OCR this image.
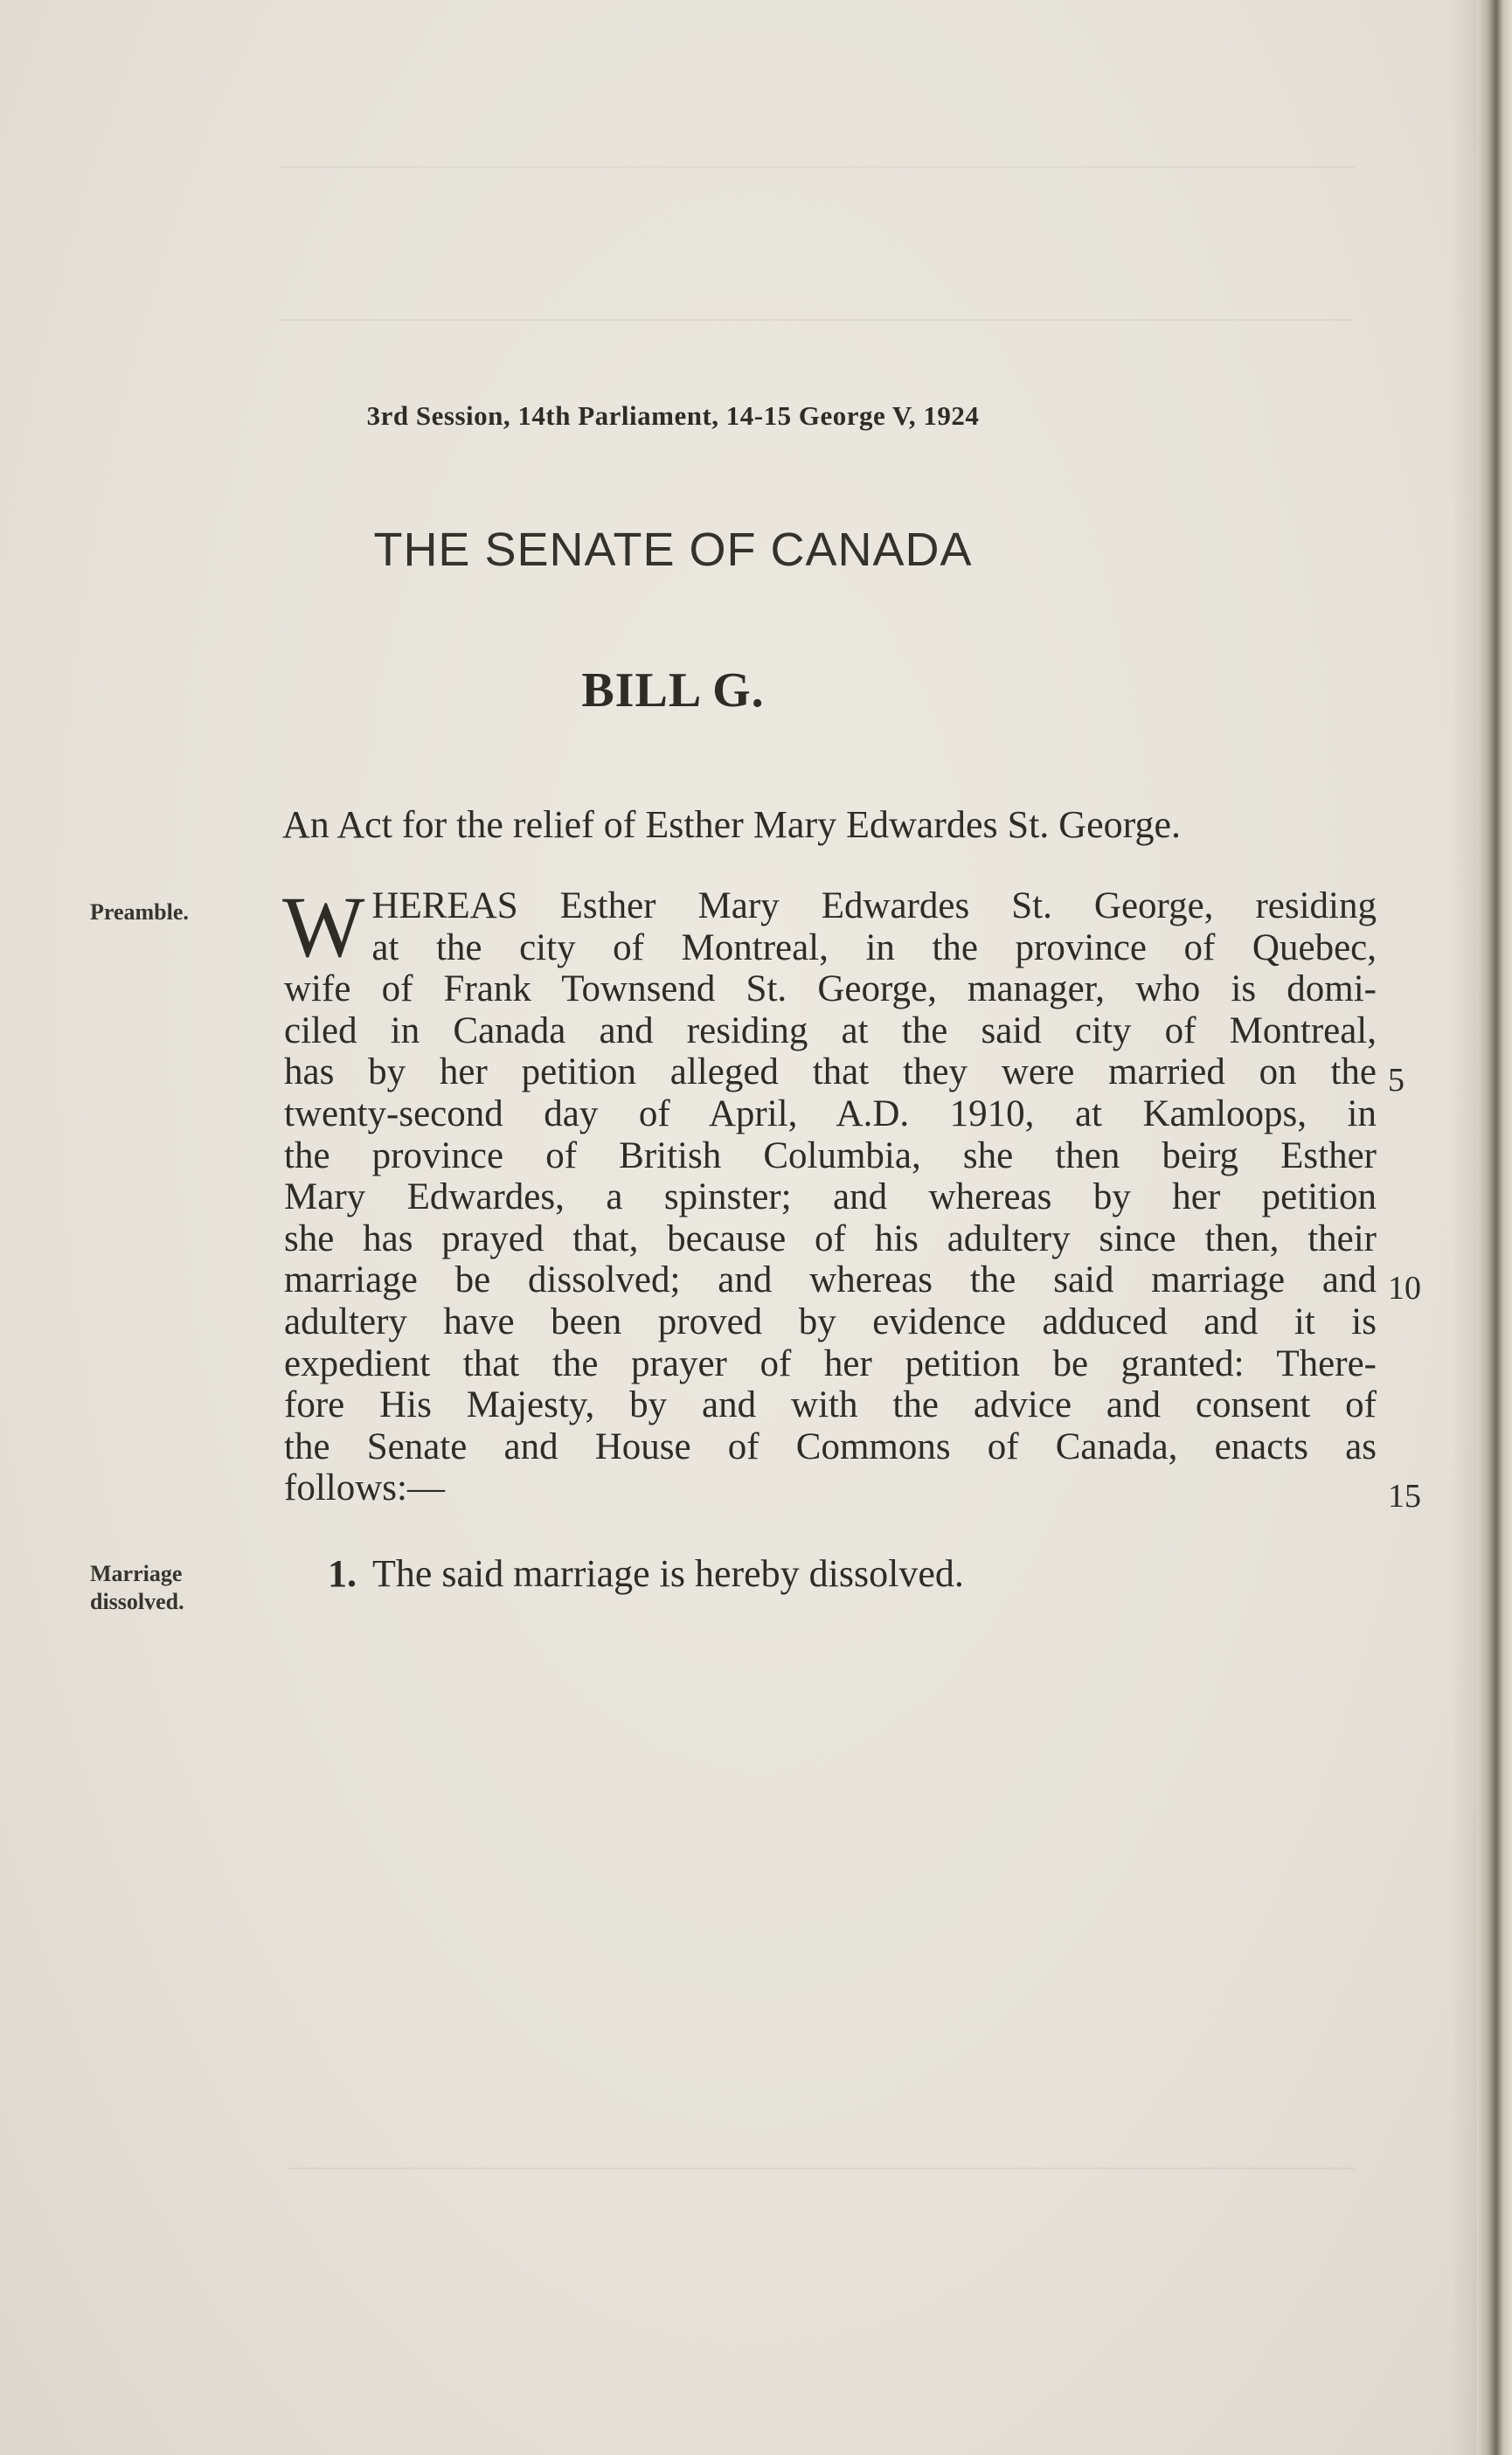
3rd Session, 14th Parliament, 14-15 George V, 1924
THE SENATE OF CANADA
BILL G.
An Act for the relief of Esther Mary Edwardes St. George.
Preamble.
Marriage
dissolved.
W HEREAS Esther Mary Edwardes St. George, residing
at the city of Montreal, in the province of Quebec,
wife of Frank Townsend St. George, manager, who is domi-
ciled in Canada and residing at the said city of Montreal,
has by her petition alleged that they were married on the
twenty-second day of April, A.D. 1910, at Kamloops, in
the province of British Columbia, she then beirg Esther
Mary Edwardes, a spinster; and whereas by her petition
she has prayed that, because of his adultery since then, their
marriage be dissolved; and whereas the said marriage and
adultery have been proved by evidence adduced and it is
expedient that the prayer of her petition be granted: There-
fore His Majesty, by and with the advice and consent of
the Senate and House of Commons of Canada, enacts as
follows:—
5
10
15
1. The said marriage is hereby dissolved.
